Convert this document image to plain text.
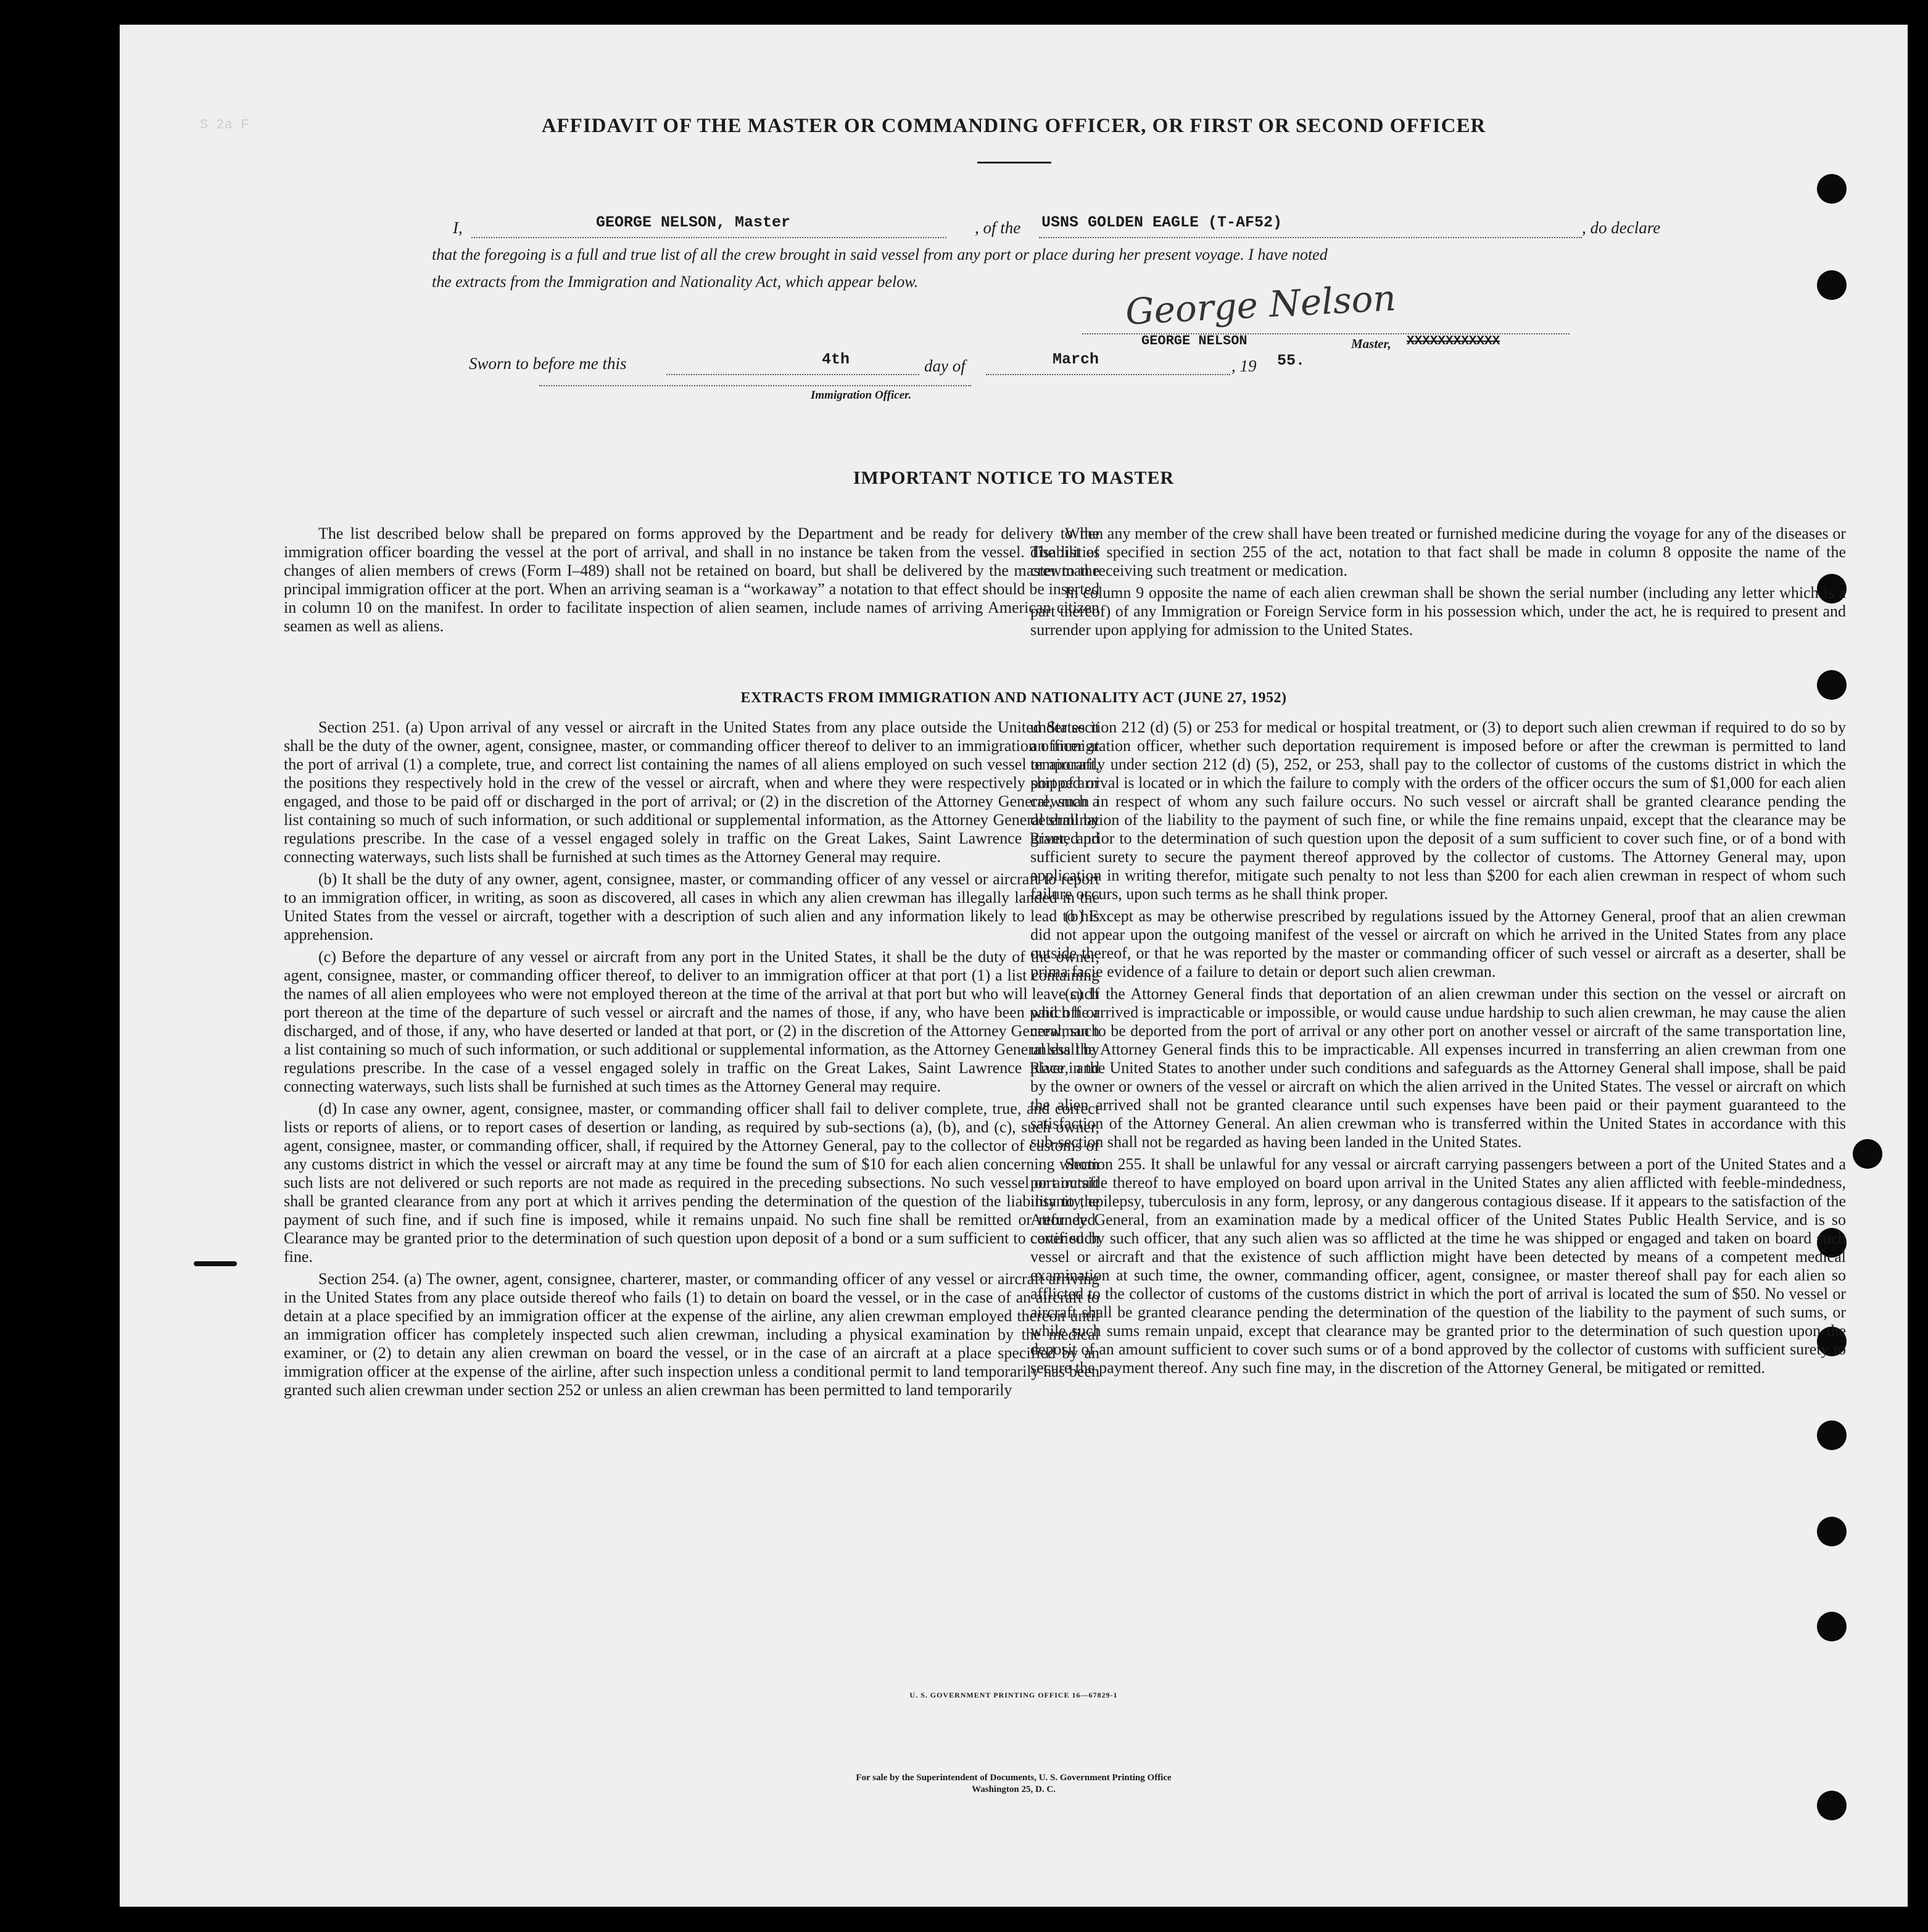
S 2a F	AFFIDAVIT OF THE MASTER OR COMMANDING OFFICER, OR FIRST OR SECOND OFFICER
I,	GEORGE NELSON, Master	, of the USNS GOLDEN EAGLE (T-AF52)	, do declare
that the foregoing is a full and true list of all the crew brought in said vessel from any port or place during her present voyage. I have noted
the extracts from the Immigration and Nationality Act, which appear below.	George Nelson
GEORGE NELSON	Master, XXXXXXXXXXXX
Sworn to before me this	4th	day of	March	, 19 55.
Immigration Officer.
IMPORTANT NOTICE TO MASTER

The list described below shall be prepared on forms approved by the Department and be ready for delivery to the immigration officer boarding the vessel at the port of arrival, and shall in no instance be taken from the vessel. The list of changes of alien members of crews (Form I–489) shall not be retained on board, but shall be delivered by the master to the principal immigration officer at the port. When an arriving seaman is a “workaway” a notation to that effect should be inserted in column 10 on the manifest. In order to facilitate inspection of alien seamen, include names of arriving American citizen seamen as well as aliens.

When any member of the crew shall have been treated or furnished medicine during the voyage for any of the diseases or disabilities specified in section 255 of the act, notation to that fact shall be made in column 8 opposite the name of the crewman receiving such treatment or medication.

In column 9 opposite the name of each alien crewman shall be shown the serial number (including any letter which is a part thereof) of any Immigration or Foreign Service form in his possession which, under the act, he is required to present and surrender upon applying for admission to the United States.

EXTRACTS FROM IMMIGRATION AND NATIONALITY ACT (JUNE 27, 1952)

Section 251. (a) Upon arrival of any vessel or aircraft in the United States from any place outside the United States it shall be the duty of the owner, agent, consignee, master, or commanding officer thereof to deliver to an immigration officer at the port of arrival (1) a complete, true, and correct list containing the names of all aliens employed on such vessel or aircraft, the positions they respectively hold in the crew of the vessel or aircraft, when and where they were respectively shipped or engaged, and those to be paid off or discharged in the port of arrival; or (2) in the discretion of the Attorney General, such a list containing so much of such information, or such additional or supplemental information, as the Attorney General shall by regulations prescribe. In the case of a vessel engaged solely in traffic on the Great Lakes, Saint Lawrence River, and connecting waterways, such lists shall be furnished at such times as the Attorney General may require.

(b) It shall be the duty of any owner, agent, consignee, master, or commanding officer of any vessel or aircraft to report to an immigration officer, in writing, as soon as discovered, all cases in which any alien crewman has illegally landed in the United States from the vessel or aircraft, together with a description of such alien and any information likely to lead to his apprehension.

(c) Before the departure of any vessel or aircraft from any port in the United States, it shall be the duty of the owner, agent, consignee, master, or commanding officer thereof, to deliver to an immigration officer at that port (1) a list containing the names of all alien employees who were not employed thereon at the time of the arrival at that port but who will leave such port thereon at the time of the departure of such vessel or aircraft and the names of those, if any, who have been paid off or discharged, and of those, if any, who have deserted or landed at that port, or (2) in the discretion of the Attorney General, such a list containing so much of such information, or such additional or supplemental information, as the Attorney General shall by regulations prescribe. In the case of a vessel engaged solely in traffic on the Great Lakes, Saint Lawrence River, and connecting waterways, such lists shall be furnished at such times as the Attorney General may require.

(d) In case any owner, agent, consignee, master, or commanding officer shall fail to deliver complete, true, and correct lists or reports of aliens, or to report cases of desertion or landing, as required by sub-sections (a), (b), and (c), such owner, agent, consignee, master, or commanding officer, shall, if required by the Attorney General, pay to the collector of customs of any customs district in which the vessel or aircraft may at any time be found the sum of $10 for each alien concerning whom such lists are not delivered or such reports are not made as required in the preceding subsections. No such vessel or aircraft shall be granted clearance from any port at which it arrives pending the determination of the question of the liability to the payment of such fine, and if such fine is imposed, while it remains unpaid. No such fine shall be remitted or refunded. Clearance may be granted prior to the determination of such question upon deposit of a bond or a sum sufficient to cover such fine.

Section 254. (a) The owner, agent, consignee, charterer, master, or commanding officer of any vessel or aircraft arriving in the United States from any place outside thereof who fails (1) to detain on board the vessel, or in the case of an aircraft to detain at a place specified by an immigration officer at the expense of the airline, any alien crewman employed thereon until an immigration officer has completely inspected such alien crewman, including a physical examination by the medical examiner, or (2) to detain any alien crewman on board the vessel, or in the case of an aircraft at a place specified by an immigration officer at the expense of the airline, after such inspection unless a conditional permit to land temporarily has been granted such alien crewman under section 252 or unless an alien crewman has been permitted to land temporarily

under section 212 (d) (5) or 253 for medical or hospital treatment, or (3) to deport such alien crewman if required to do so by an immigration officer, whether such deportation requirement is imposed before or after the crewman is permitted to land temporarily under section 212 (d) (5), 252, or 253, shall pay to the collector of customs of the customs district in which the port of arrival is located or in which the failure to comply with the orders of the officer occurs the sum of $1,000 for each alien crewman in respect of whom any such failure occurs. No such vessel or aircraft shall be granted clearance pending the determination of the liability to the payment of such fine, or while the fine remains unpaid, except that the clearance may be granted prior to the determination of such question upon the deposit of a sum sufficient to cover such fine, or of a bond with sufficient surety to secure the payment thereof approved by the collector of customs. The Attorney General may, upon application in writing therefor, mitigate such penalty to not less than $200 for each alien crewman in respect of whom such failure occurs, upon such terms as he shall think proper.

(b) Except as may be otherwise prescribed by regulations issued by the Attorney General, proof that an alien crewman did not appear upon the outgoing manifest of the vessel or aircraft on which he arrived in the United States from any place outside thereof, or that he was reported by the master or commanding officer of such vessel or aircraft as a deserter, shall be prima facie evidence of a failure to detain or deport such alien crewman.

(c) If the Attorney General finds that deportation of an alien crewman under this section on the vessel or aircraft on which he arrived is impracticable or impossible, or would cause undue hardship to such alien crewman, he may cause the alien crewman to be deported from the port of arrival or any other port on another vessel or aircraft of the same transportation line, unless the Attorney General finds this to be impracticable. All expenses incurred in transferring an alien crewman from one place in the United States to another under such conditions and safeguards as the Attorney General shall impose, shall be paid by the owner or owners of the vessel or aircraft on which the alien arrived in the United States. The vessel or aircraft on which the alien arrived shall not be granted clearance until such expenses have been paid or their payment guaranteed to the satisfaction of the Attorney General. An alien crewman who is transferred within the United States in accordance with this sub-section shall not be regarded as having been landed in the United States.

Section 255. It shall be unlawful for any vessal or aircraft carrying passengers between a port of the United States and a port outside thereof to have employed on board upon arrival in the United States any alien afflicted with feeble-mindedness, insanity, epilepsy, tuberculosis in any form, leprosy, or any dangerous contagious disease. If it appears to the satisfaction of the Attorney General, from an examination made by a medical officer of the United States Public Health Service, and is so certified by such officer, that any such alien was so afflicted at the time he was shipped or engaged and taken on board such vessel or aircraft and that the existence of such affliction might have been detected by means of a competent medical examination at such time, the owner, commanding officer, agent, consignee, or master thereof shall pay for each alien so afflicted to the collector of customs of the customs district in which the port of arrival is located the sum of $50. No vessel or aircraft shall be granted clearance pending the determination of the question of the liability to the payment of such sums, or while such sums remain unpaid, except that clearance may be granted prior to the determination of such question upon the deposit of an amount sufficient to cover such sums or of a bond approved by the collector of customs with sufficient surety to secure the payment thereof. Any such fine may, in the discretion of the Attorney General, be mitigated or remitted.

U. S. GOVERNMENT PRINTING OFFICE 16—67829-1
For sale by the Superintendent of Documents, U. S. Government Printing Office
Washington 25, D. C.
